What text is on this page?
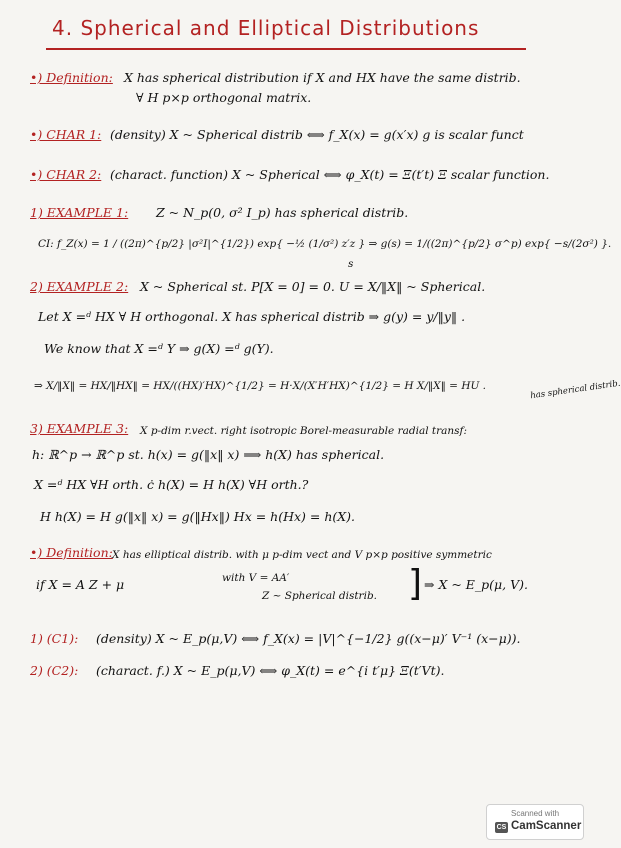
4. Spherical and Elliptical Distributions
•) Definition: X has spherical distribution if X and HX have the same distrib.
∀ H p×p orthogonal matrix.
•) CHAR 1: (density) X ~ Spherical distrib ⟺ f_X(x) = g(x′x) g is scalar funct
•) CHAR 2: (charact. function) X ~ Spherical ⟺ φ_X(t) = Ξ(t′t) Ξ scalar function.
1) EXAMPLE 1: Z ~ N_p(0, σ² I_p) has spherical distrib.
CI: f_Z(x) = 1 / ((2π)^{p/2} |σ²I|^{1/2}) exp{ −½ (1/σ²) z′z } ⇒ g(s) = 1/((2π)^{p/2} σ^p) exp{ −s/(2σ²) }.
s
2) EXAMPLE 2: X ~ Spherical st. P[X = 0] = 0. U = X/‖X‖ ~ Spherical.
Let X =ᵈ HX ∀ H orthogonal. X has spherical distrib ⇒ g(y) = y/‖y‖ .
We know that X =ᵈ Y ⇒ g(X) =ᵈ g(Y).
⇒ X/‖X‖ = HX/‖HX‖ = HX/((HX)′HX)^{1/2} = H·X/(X′H′HX)^{1/2} = H X/‖X‖ = HU .	has spherical distrib.
3) EXAMPLE 3: X p-dim r.vect. right isotropic Borel-measurable radial transf:
h: ℝ^p → ℝ^p st. h(x) = g(‖x‖ x) ⟹ h(X) has spherical.
X =ᵈ HX ∀H orth. ċ h(X) = H h(X) ∀H orth.?
H h(X) = H g(‖x‖ x) = g(‖Hx‖) Hx = h(Hx) = h(X).
•) Definition: X has elliptical distrib. with μ p-dim vect and V p×p positive symmetric
if X = A Z + μ	with V = AA′
Z ~ Spherical distrib. ] ⇒ X ~ E_p(μ, V).
1) (C1): (density) X ~ E_p(μ,V) ⟺ f_X(x) = |V|^{−1/2} g((x−μ)′ V⁻¹ (x−μ)).
2) (C2): (charact. f.) X ~ E_p(μ,V) ⟺ φ_X(t) = e^{i t′μ} Ξ(t′Vt).
Scanned with
CS CamScanner
